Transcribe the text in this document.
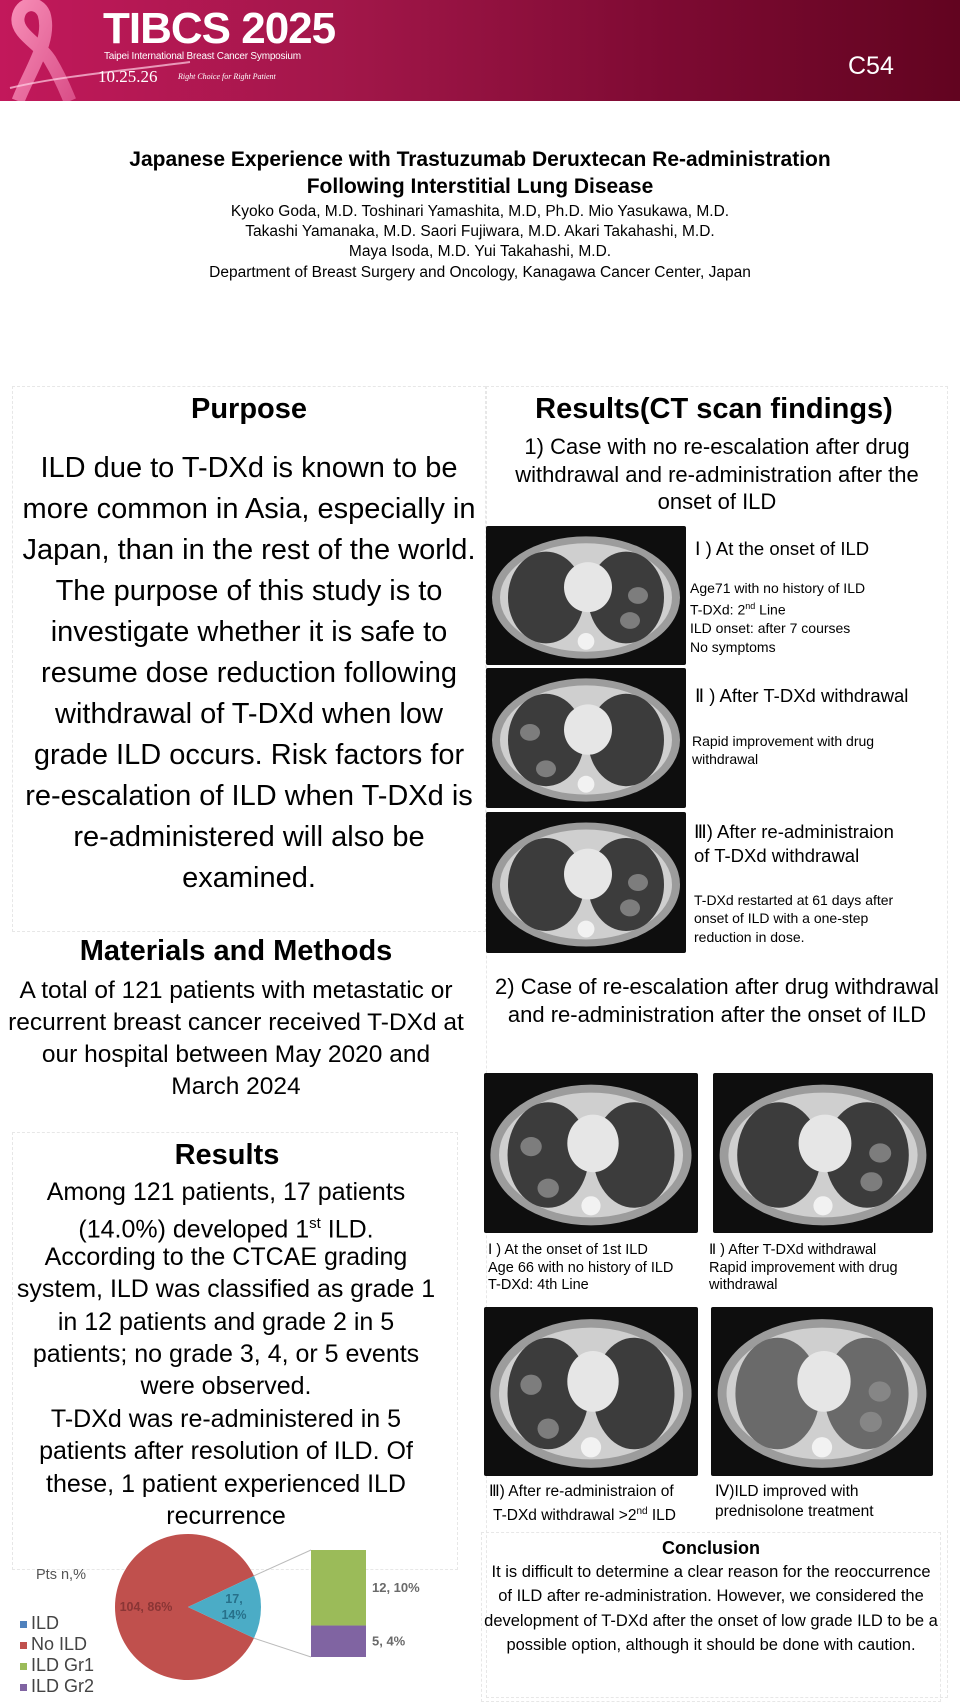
TIBCS 2025
Taipei International Breast Cancer Symposium
10.25.26	Right Choice for Right Patient	C54
Japanese Experience with Trastuzumab Deruxtecan Re-administration
Following Interstitial Lung Disease
Kyoko Goda, M.D. Toshinari Yamashita, M.D, Ph.D. Mio Yasukawa, M.D.
Takashi Yamanaka, M.D. Saori Fujiwara, M.D. Akari Takahashi, M.D.
Maya Isoda, M.D. Yui Takahashi, M.D.
Department of Breast Surgery and Oncology, Kanagawa Cancer Center, Japan
Purpose
ILD due to T-DXd is known to be more common in Asia, especially in Japan, than in the rest of the world. The purpose of this study is to investigate whether it is safe to resume dose reduction following withdrawal of T-DXd when low grade ILD occurs. Risk factors for re-escalation of ILD when T-DXd is re-administered will also be examined.
Materials and Methods
A total of 121 patients with metastatic or recurrent breast cancer received T-DXd at our hospital between May 2020 and March 2024
Results
Among 121 patients, 17 patients (14.0%) developed 1st ILD.
According to the CTCAE grading system, ILD was classified as grade 1 in 12 patients and grade 2 in 5 patients; no grade 3, 4, or 5 events were observed.
T-DXd was re-administered in 5 patients after resolution of ILD. Of these, 1 patient experienced ILD recurrence
Pts n,%
104, 86%
17,
14%
12, 10%
5, 4%
ILD
No ILD
ILD Gr1
ILD Gr2
Results(CT scan findings)
1) Case with no re-escalation after drug withdrawal and re-administration after the onset of ILD
Ⅰ ) At the onset of ILD
Age71 with no history of ILD
T-DXd: 2nd Line
ILD onset: after 7 courses
No symptoms
Ⅱ ) After T-DXd withdrawal
Rapid improvement with drug
withdrawal
Ⅲ) After re-administraion
of T-DXd withdrawal
T-DXd restarted at 61 days after
onset of ILD with a one-step
reduction in dose.
2) Case of re-escalation after drug withdrawal and re-administration after the onset of ILD
Ⅰ ) At the onset of 1st ILD
Age 66 with no history of ILD
T-DXd: 4th Line
Ⅱ ) After T-DXd withdrawal
Rapid improvement with drug
withdrawal
Ⅲ) After re-administraion of
T-DXd withdrawal >2nd ILD
Ⅳ)ILD improved with
prednisolone treatment
Conclusion
It is difficult to determine a clear reason for the reoccurrence of ILD after re-administration. However, we considered the development of T-DXd after the onset of low grade ILD to be a possible option, although it should be done with caution.
